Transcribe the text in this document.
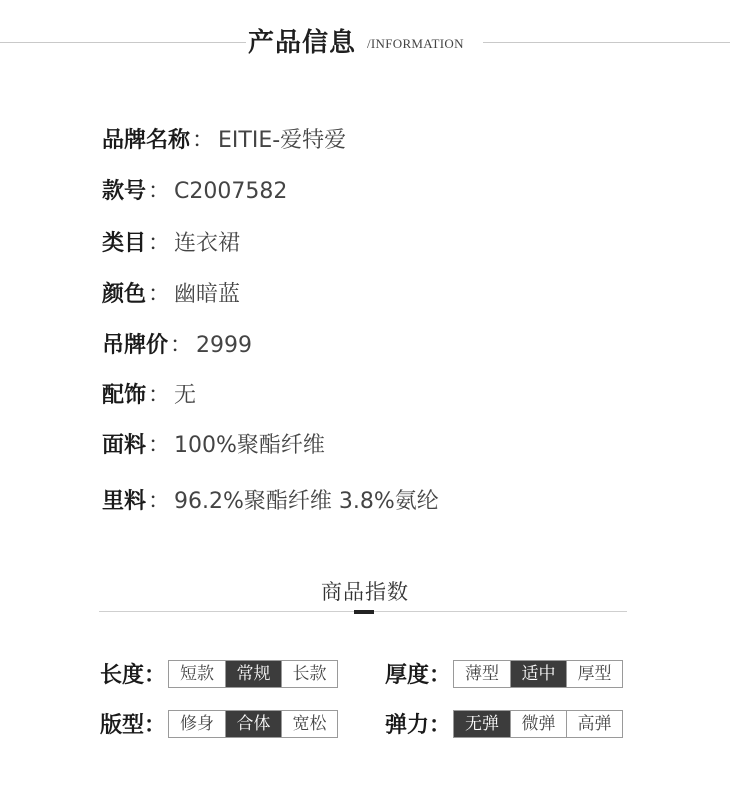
产品信息 /INFORMATION
品牌名称： EITIE-爱特爱
款号： C2007582
类目： 连衣裙
颜色： 幽暗蓝
吊牌价： 2999
配饰： 无
面料： 100%聚酯纤维
里料： 96.2%聚酯纤维 3.8%氨纶
商品指数
长度： 短款	常规	长款	厚度： 薄型	适中	厚型
版型： 修身	合体	宽松	弹力： 无弹	微弹	高弹
